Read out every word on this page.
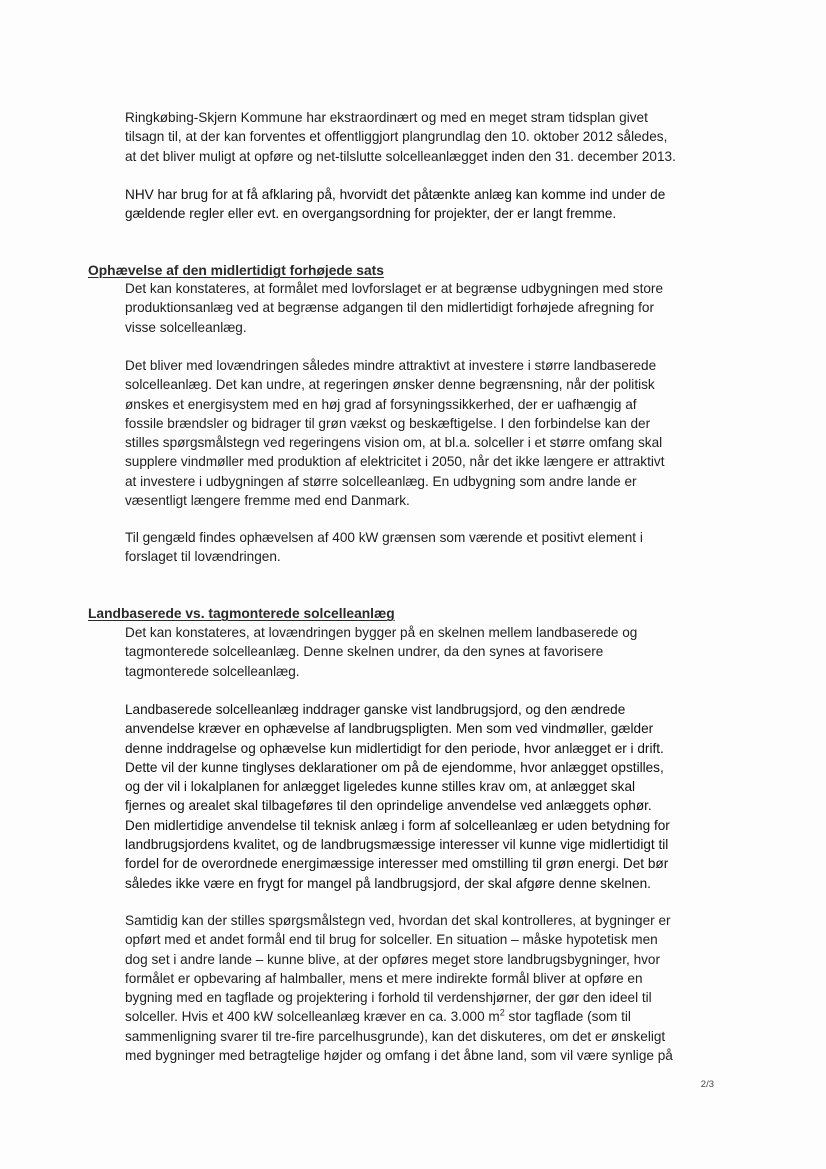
Ringkøbing-Skjern Kommune har ekstraordinært og med en meget stram tidsplan givet
tilsagn til, at der kan forventes et offentliggjort plangrundlag den 10. oktober 2012 således,
at det bliver muligt at opføre og net-tilslutte solcelleanlægget inden den 31. december 2013.

NHV har brug for at få afklaring på, hvorvidt det påtænkte anlæg kan komme ind under de
gældende regler eller evt. en overgangsordning for projekter, der er langt fremme.

Ophævelse af den midlertidigt forhøjede sats

Det kan konstateres, at formålet med lovforslaget er at begrænse udbygningen med store
produktionsanlæg ved at begrænse adgangen til den midlertidigt forhøjede afregning for
visse solcelleanlæg.

Det bliver med lovændringen således mindre attraktivt at investere i større landbaserede
solcelleanlæg. Det kan undre, at regeringen ønsker denne begrænsning, når der politisk
ønskes et energisystem med en høj grad af forsyningssikkerhed, der er uafhængig af
fossile brændsler og bidrager til grøn vækst og beskæftigelse. I den forbindelse kan der
stilles spørgsmålstegn ved regeringens vision om, at bl.a. solceller i et større omfang skal
supplere vindmøller med produktion af elektricitet i 2050, når det ikke længere er attraktivt
at investere i udbygningen af større solcelleanlæg. En udbygning som andre lande er
væsentligt længere fremme med end Danmark.

Til gengæld findes ophævelsen af 400 kW grænsen som værende et positivt element i
forslaget til lovændringen.

Landbaserede vs. tagmonterede solcelleanlæg

Det kan konstateres, at lovændringen bygger på en skelnen mellem landbaserede og
tagmonterede solcelleanlæg. Denne skelnen undrer, da den synes at favorisere
tagmonterede solcelleanlæg.

Landbaserede solcelleanlæg inddrager ganske vist landbrugsjord, og den ændrede
anvendelse kræver en ophævelse af landbrugspligten. Men som ved vindmøller, gælder
denne inddragelse og ophævelse kun midlertidigt for den periode, hvor anlægget er i drift.
Dette vil der kunne tinglyses deklarationer om på de ejendomme, hvor anlægget opstilles,
og der vil i lokalplanen for anlægget ligeledes kunne stilles krav om, at anlægget skal
fjernes og arealet skal tilbageføres til den oprindelige anvendelse ved anlæggets ophør.
Den midlertidige anvendelse til teknisk anlæg i form af solcelleanlæg er uden betydning for
landbrugsjordens kvalitet, og de landbrugsmæssige interesser vil kunne vige midlertidigt til
fordel for de overordnede energimæssige interesser med omstilling til grøn energi. Det bør
således ikke være en frygt for mangel på landbrugsjord, der skal afgøre denne skelnen.

Samtidig kan der stilles spørgsmålstegn ved, hvordan det skal kontrolleres, at bygninger er
opført med et andet formål end til brug for solceller. En situation – måske hypotetisk men
dog set i andre lande – kunne blive, at der opføres meget store landbrugsbygninger, hvor
formålet er opbevaring af halmballer, mens et mere indirekte formål bliver at opføre en
bygning med en tagflade og projektering i forhold til verdenshjørner, der gør den ideel til
solceller. Hvis et 400 kW solcelleanlæg kræver en ca. 3.000 $m^2$ stor tagflade (som til
sammenligning svarer til tre-fire parcelhusgrunde), kan det diskuteres, om det er ønskeligt
med bygninger med betragtelige højder og omfang i det åbne land, som vil være synlige på

2/3
